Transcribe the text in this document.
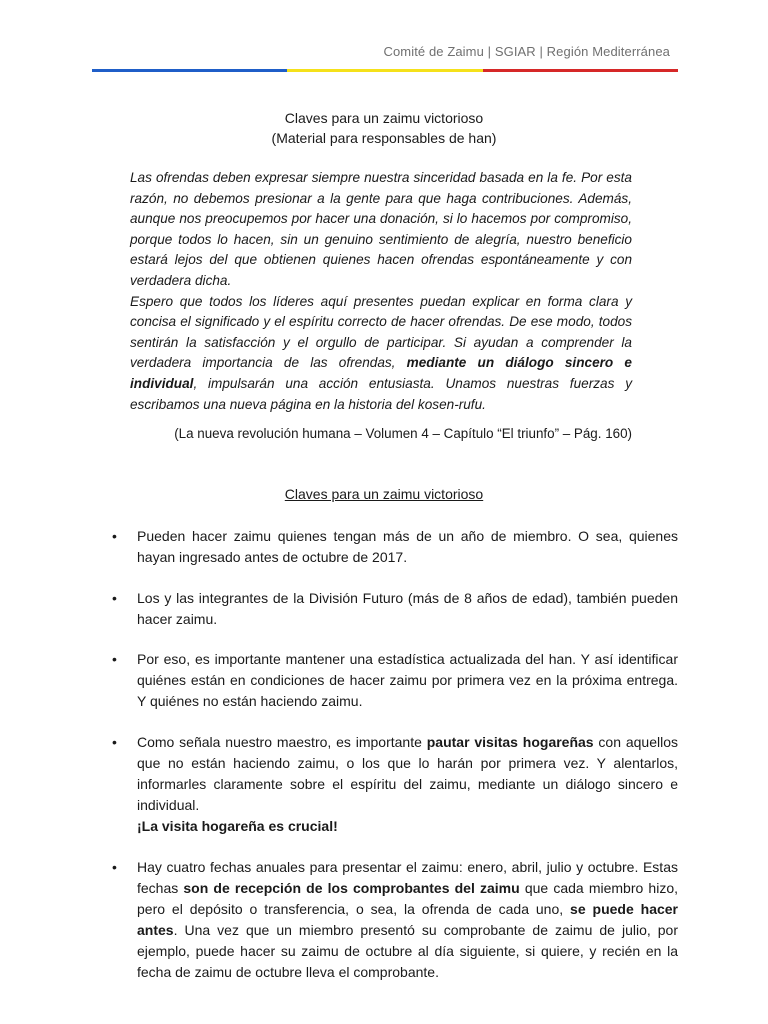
Comité de Zaimu | SGIAR | Región Mediterránea
Claves para un zaimu victorioso
(Material para responsables de han)

Las ofrendas deben expresar siempre nuestra sinceridad basada en la fe. Por esta razón, no debemos presionar a la gente para que haga contribuciones. Además, aunque nos preocupemos por hacer una donación, si lo hacemos por compromiso, porque todos lo hacen, sin un genuino sentimiento de alegría, nuestro beneficio estará lejos del que obtienen quienes hacen ofrendas espontáneamente y con verdadera dicha.

Espero que todos los líderes aquí presentes puedan explicar en forma clara y concisa el significado y el espíritu correcto de hacer ofrendas. De ese modo, todos sentirán la satisfacción y el orgullo de participar. Si ayudan a comprender la verdadera importancia de las ofrendas, mediante un diálogo sincero e individual, impulsarán una acción entusiasta. Unamos nuestras fuerzas y escribamos una nueva página en la historia del kosen-rufu.

(La nueva revolución humana – Volumen 4 – Capítulo “El triunfo” – Pág. 160)
Claves para un zaimu victorioso
• Pueden hacer zaimu quienes tengan más de un año de miembro. O sea, quienes hayan ingresado antes de octubre de 2017.
• Los y las integrantes de la División Futuro (más de 8 años de edad), también pueden hacer zaimu.
• Por eso, es importante mantener una estadística actualizada del han. Y así identificar quiénes están en condiciones de hacer zaimu por primera vez en la próxima entrega. Y quiénes no están haciendo zaimu.
• Como señala nuestro maestro, es importante pautar visitas hogareñas con aquellos que no están haciendo zaimu, o los que lo harán por primera vez. Y alentarlos, informarles claramente sobre el espíritu del zaimu, mediante un diálogo sincero e individual.
¡La visita hogareña es crucial!
• Hay cuatro fechas anuales para presentar el zaimu: enero, abril, julio y octubre. Estas fechas son de recepción de los comprobantes del zaimu que cada miembro hizo, pero el depósito o transferencia, o sea, la ofrenda de cada uno, se puede hacer antes. Una vez que un miembro presentó su comprobante de zaimu de julio, por ejemplo, puede hacer su zaimu de octubre al día siguiente, si quiere, y recién en la fecha de zaimu de octubre lleva el comprobante.
